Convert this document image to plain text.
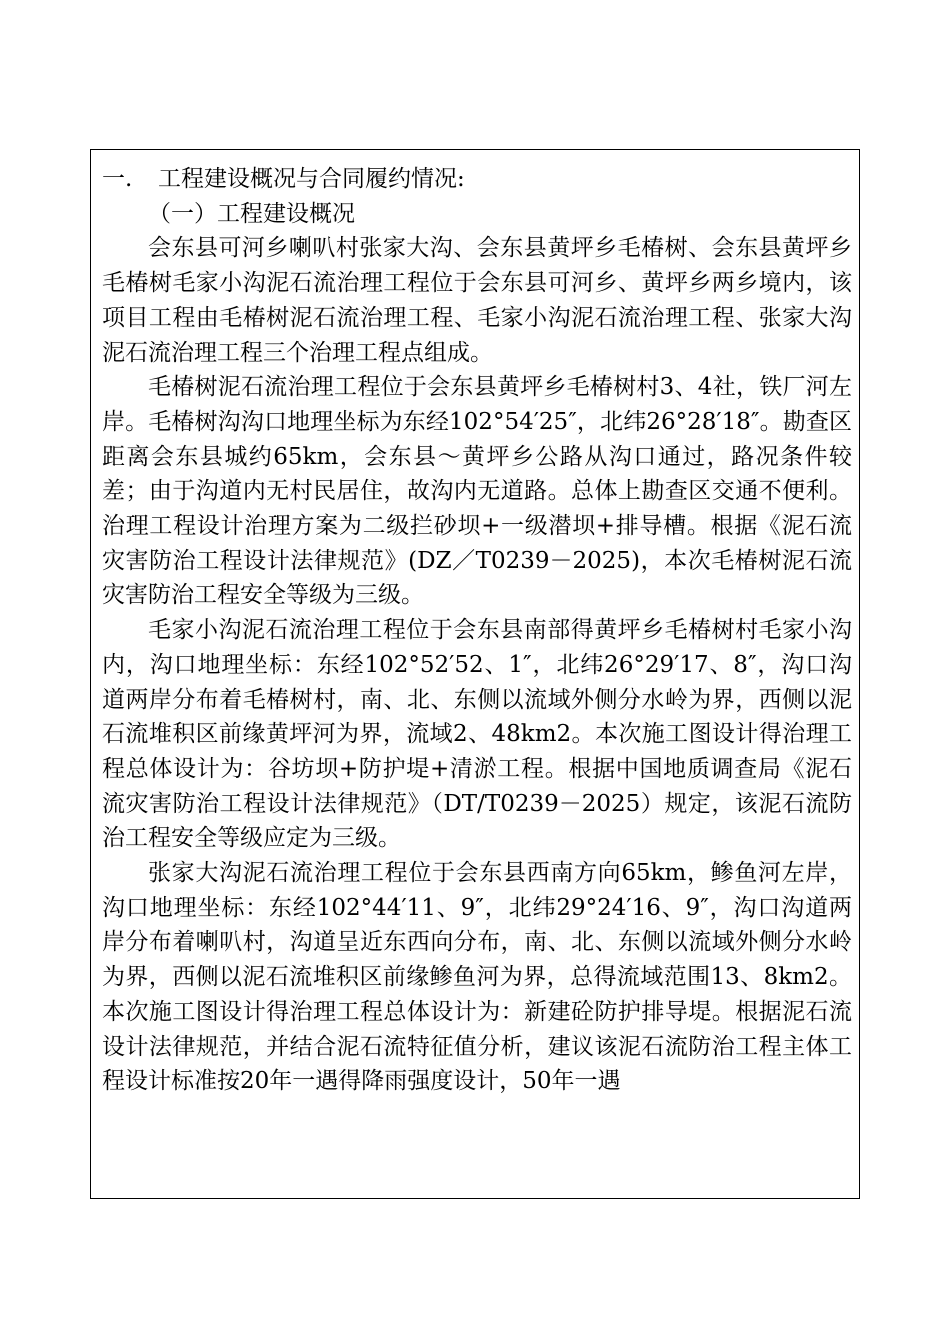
一. 工程建设概况与合同履约情况:

（一）工程建设概况

会东县可河乡喇叭村张家大沟、会东县黄坪乡毛椿树、会东县黄坪乡毛椿树毛家小沟泥石流治理工程位于会东县可河乡、黄坪乡两乡境内，该项目工程由毛椿树泥石流治理工程、毛家小沟泥石流治理工程、张家大沟泥石流治理工程三个治理工程点组成。

毛椿树泥石流治理工程位于会东县黄坪乡毛椿树村3、4社，铁厂河左岸。毛椿树沟沟口地理坐标为东经102°54′25″，北纬26°28′18″。勘查区距离会东县城约65km，会东县～黄坪乡公路从沟口通过，路况条件较差；由于沟道内无村民居住，故沟内无道路。总体上勘查区交通不便利。治理工程设计治理方案为二级拦砂坝+一级潜坝+排导槽。根据《泥石流灾害防治工程设计法律规范》(DZ／T0239－2025)，本次毛椿树泥石流灾害防治工程安全等级为三级。

毛家小沟泥石流治理工程位于会东县南部得黄坪乡毛椿树村毛家小沟内，沟口地理坐标：东经102°52′52、1″，北纬26°29′17、8″，沟口沟道两岸分布着毛椿树村，南、北、东侧以流域外侧分水岭为界，西侧以泥石流堆积区前缘黄坪河为界，流域2、48km2。本次施工图设计得治理工程总体设计为：谷坊坝+防护堤+清淤工程。根据中国地质调查局《泥石流灾害防治工程设计法律规范》（DT/T0239－2025）规定，该泥石流防治工程安全等级应定为三级。

张家大沟泥石流治理工程位于会东县西南方向65km，鲹鱼河左岸，沟口地理坐标：东经102°44′11、9″，北纬29°24′16、9″，沟口沟道两岸分布着喇叭村，沟道呈近东西向分布，南、北、东侧以流域外侧分水岭为界，西侧以泥石流堆积区前缘鲹鱼河为界，总得流域范围13、8km2。本次施工图设计得治理工程总体设计为：新建砼防护排导堤。根据泥石流设计法律规范，并结合泥石流特征值分析，建议该泥石流防治工程主体工程设计标准按20年一遇得降雨强度设计，50年一遇
